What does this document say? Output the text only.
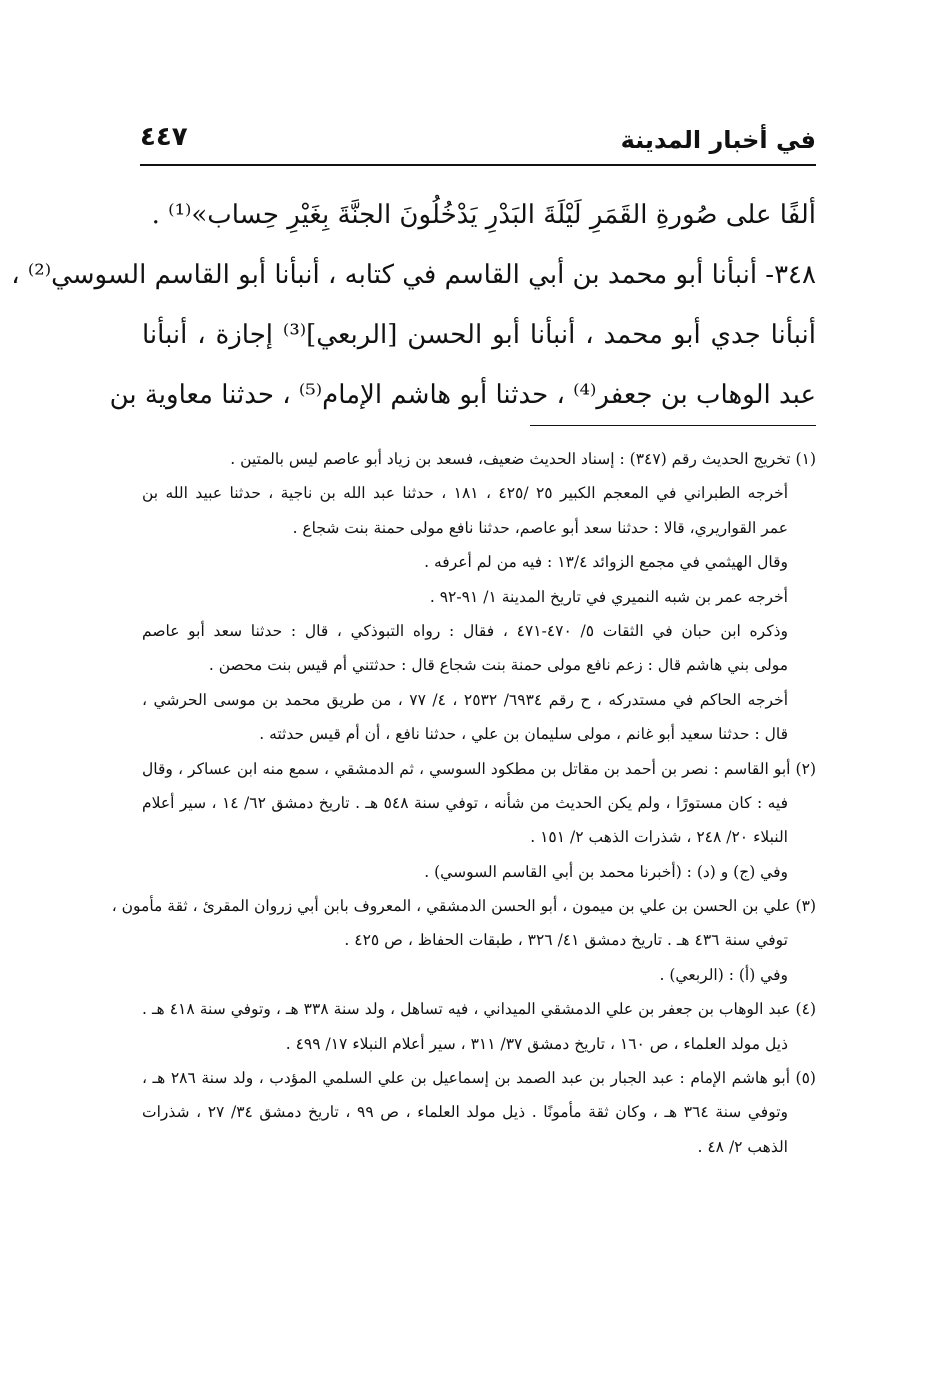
في أخبار المدينة
٤٤٧
ألفًا على صُورةِ القَمَرِ لَيْلَةَ البَدْرِ يَدْخُلُونَ الجنَّةَ بِغَيْرِ حِساب»⁽¹⁾ .
٣٤٨- أنبأنا أبو محمد بن أبي القاسم في كتابه ، أنبأنا أبو القاسم السوسي⁽²⁾ ،
أنبأنا جدي أبو محمد ، أنبأنا أبو الحسن [الربعي]⁽³⁾ إجازة ، أنبأنا
عبد الوهاب بن جعفر⁽⁴⁾ ، حدثنا أبو هاشم الإمام⁽⁵⁾ ، حدثنا معاوية بن
(١) تخريج الحديث رقم (٣٤٧) : إسناد الحديث ضعيف، فسعد بن زياد أبو عاصم ليس بالمتين .
أخرجه الطبراني في المعجم الكبير ٢٥ /٤٢٥ ، ١٨١ ، حدثنا عبد الله بن ناجية ، حدثنا عبيد الله بن
عمر القواريري، قالا : حدثنا سعد أبو عاصم، حدثنا نافع مولى حمنة بنت شجاع .
وقال الهيثمي في مجمع الزوائد ١٣/٤ : فيه من لم أعرفه .
أخرجه عمر بن شبه النميري في تاريخ المدينة ١/ ٩١-٩٢ .
وذكره ابن حبان في الثقات ٥/ ٤٧٠-٤٧١ ، فقال : رواه التبوذكي ، قال : حدثنا سعد أبو عاصم
مولى بني هاشم قال : زعم نافع مولى حمنة بنت شجاع قال : حدثتني أم قيس بنت محصن .
أخرجه الحاكم في مستدركه ، ح رقم ٦٩٣٤/ ٢٥٣٢ ، ٤/ ٧٧ ، من طريق محمد بن موسى الحرشي ،
قال : حدثنا سعيد أبو غانم ، مولى سليمان بن علي ، حدثنا نافع ، أن أم قيس حدثته .
(٢) أبو القاسم : نصر بن أحمد بن مقاتل بن مطكود السوسي ، ثم الدمشقي ، سمع منه ابن عساكر ، وقال
فيه : كان مستورًا ، ولم يكن الحديث من شأنه ، توفي سنة ٥٤٨ هـ . تاريخ دمشق ٦٢/ ١٤ ، سير أعلام
النبلاء ٢٠/ ٢٤٨ ، شذرات الذهب ٢/ ١٥١ .
وفي (ج) و (د) : (أخبرنا محمد بن أبي القاسم السوسي) .
(٣) علي بن الحسن بن علي بن ميمون ، أبو الحسن الدمشقي ، المعروف بابن أبي زروان المقرئ ، ثقة مأمون ،
توفي سنة ٤٣٦ هـ . تاريخ دمشق ٤١/ ٣٢٦ ، طبقات الحفاظ ، ص ٤٢٥ .
وفي (أ) : (الربعي) .
(٤) عبد الوهاب بن جعفر بن علي الدمشقي الميداني ، فيه تساهل ، ولد سنة ٣٣٨ هـ ، وتوفي سنة ٤١٨ هـ .
ذيل مولد العلماء ، ص ١٦٠ ، تاريخ دمشق ٣٧/ ٣١١ ، سير أعلام النبلاء ١٧/ ٤٩٩ .
(٥) أبو هاشم الإمام : عبد الجبار بن عبد الصمد بن إسماعيل بن علي السلمي المؤدب ، ولد سنة ٢٨٦ هـ ،
وتوفي سنة ٣٦٤ هـ ، وكان ثقة مأمونًا . ذيل مولد العلماء ، ص ٩٩ ، تاريخ دمشق ٣٤/ ٢٧ ، شذرات
الذهب ٢/ ٤٨ .
